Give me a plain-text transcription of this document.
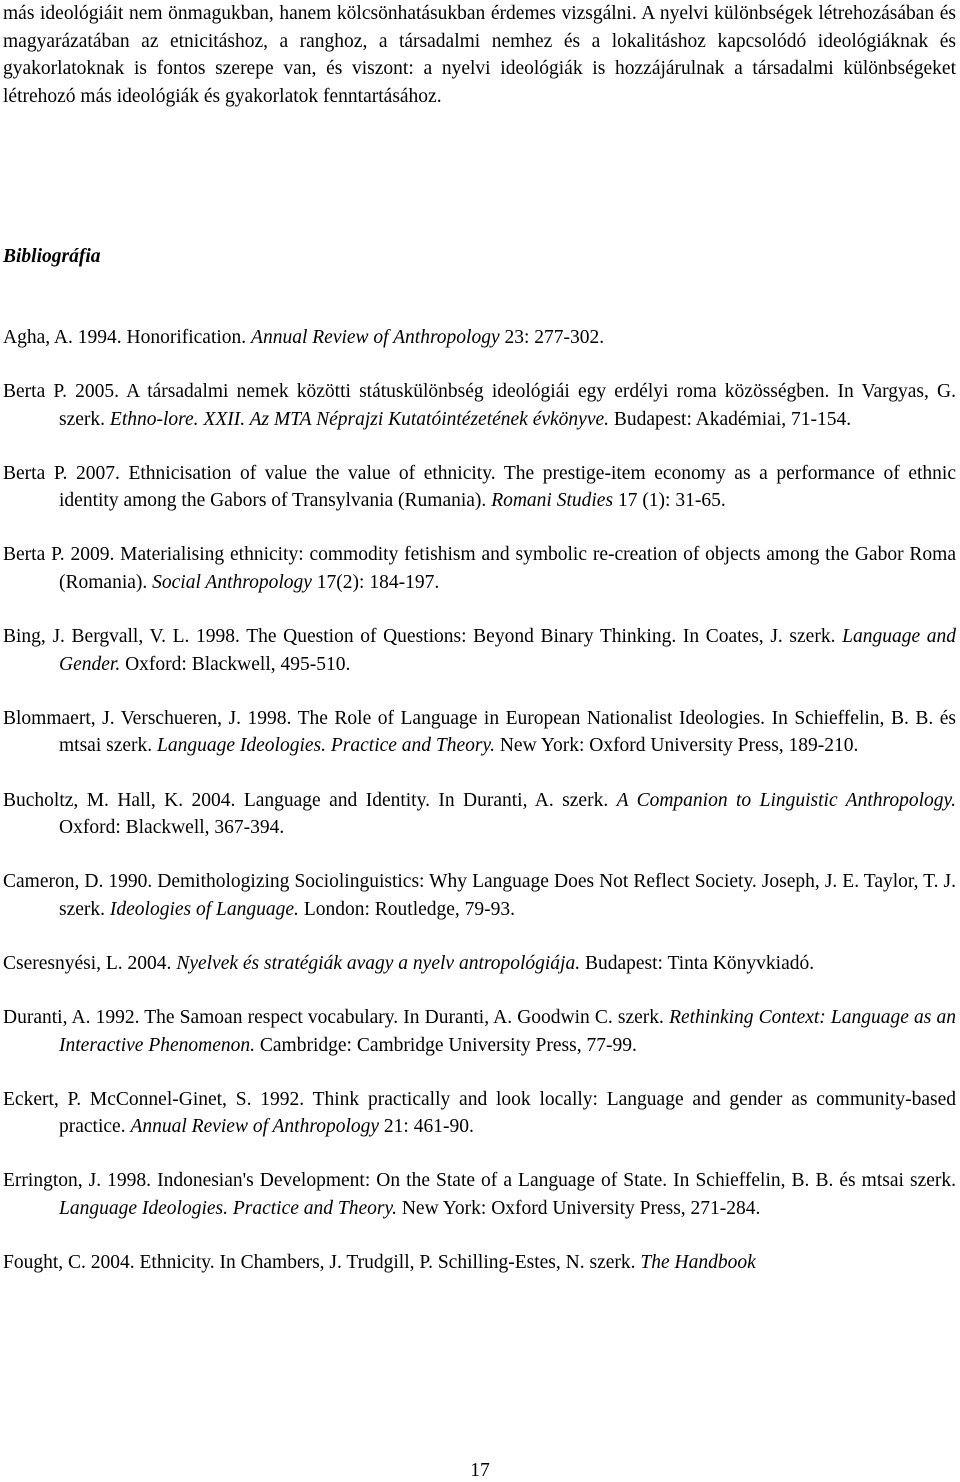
más ideológiáit nem önmagukban, hanem kölcsönhatásukban érdemes vizsgálni. A nyelvi különbségek létrehozásában és magyarázatában az etnicitáshoz, a ranghoz, a társadalmi nemhez és a lokalitáshoz kapcsolódó ideológiáknak és gyakorlatoknak is fontos szerepe van, és viszont: a nyelvi ideológiák is hozzájárulnak a társadalmi különbségeket létrehozó más ideológiák és gyakorlatok fenntartásához.

Bibliográfia

Agha, A. 1994. Honorification. Annual Review of Anthropology 23: 277-302.

Berta P. 2005. A társadalmi nemek közötti státuskülönbség ideológiái egy erdélyi roma közösségben. In Vargyas, G. szerk. Ethno-lore. XXII. Az MTA Néprajzi Kutatóintézetének évkönyve. Budapest: Akadémiai, 71-154.

Berta P. 2007. Ethnicisation of value the value of ethnicity. The prestige-item economy as a performance of ethnic identity among the Gabors of Transylvania (Rumania). Romani Studies 17 (1): 31-65.

Berta P. 2009. Materialising ethnicity: commodity fetishism and symbolic re-creation of objects among the Gabor Roma (Romania). Social Anthropology 17(2): 184-197.

Bing, J. Bergvall, V. L. 1998. The Question of Questions: Beyond Binary Thinking. In Coates, J. szerk. Language and Gender. Oxford: Blackwell, 495-510.

Blommaert, J. Verschueren, J. 1998. The Role of Language in European Nationalist Ideologies. In Schieffelin, B. B. és mtsai szerk. Language Ideologies. Practice and Theory. New York: Oxford University Press, 189-210.

Bucholtz, M. Hall, K. 2004. Language and Identity. In Duranti, A. szerk. A Companion to Linguistic Anthropology. Oxford: Blackwell, 367-394.

Cameron, D. 1990. Demithologizing Sociolinguistics: Why Language Does Not Reflect Society. Joseph, J. E. Taylor, T. J. szerk. Ideologies of Language. London: Routledge, 79-93.

Cseresnyési, L. 2004. Nyelvek és stratégiák avagy a nyelv antropológiája. Budapest: Tinta Könyvkiadó.

Duranti, A. 1992. The Samoan respect vocabulary. In Duranti, A. Goodwin C. szerk. Rethinking Context: Language as an Interactive Phenomenon. Cambridge: Cambridge University Press, 77-99.

Eckert, P. McConnel-Ginet, S. 1992. Think practically and look locally: Language and gender as community-based practice. Annual Review of Anthropology 21: 461-90.

Errington, J. 1998. Indonesian's Development: On the State of a Language of State. In Schieffelin, B. B. és mtsai szerk. Language Ideologies. Practice and Theory. New York: Oxford University Press, 271-284.

Fought, C. 2004. Ethnicity. In Chambers, J. Trudgill, P. Schilling-Estes, N. szerk. The Handbook

17
